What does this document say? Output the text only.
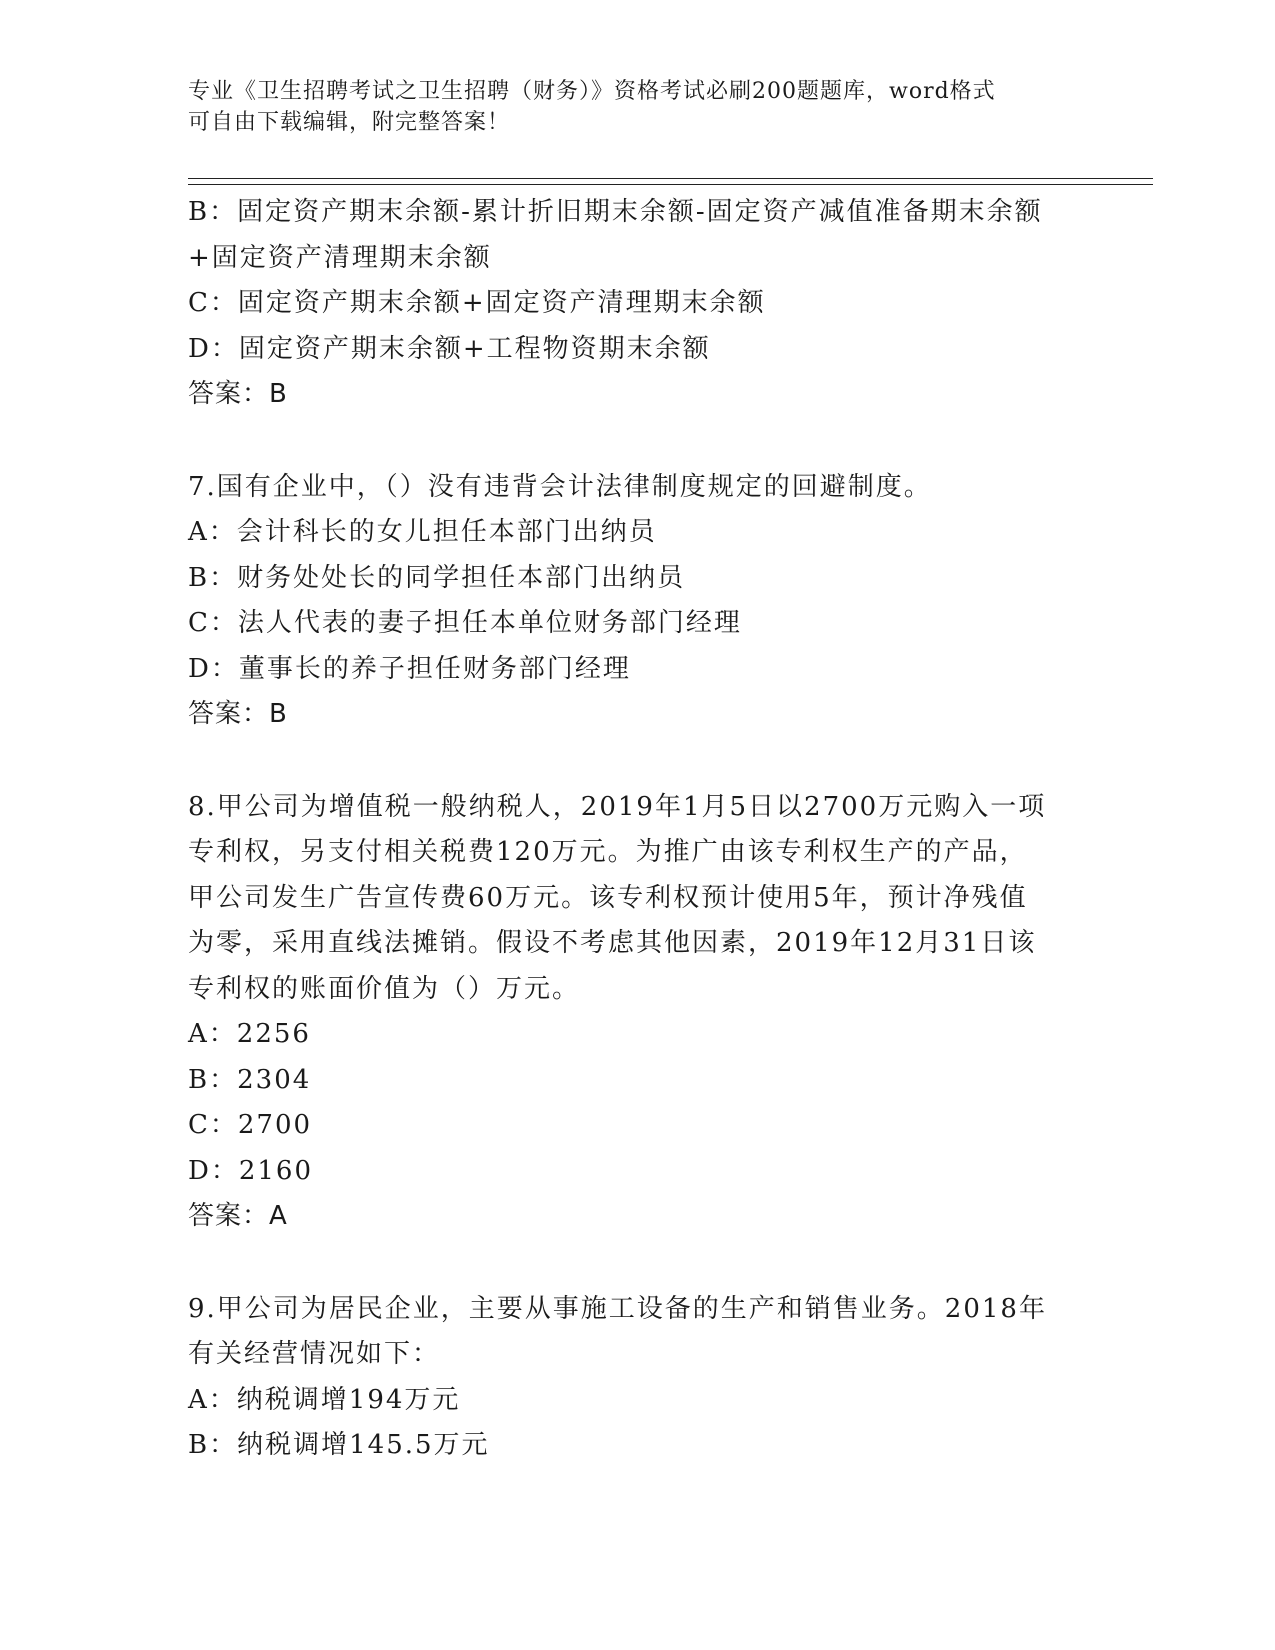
专业《卫生招聘考试之卫生招聘（财务）》资格考试必刷200题题库，word格式
可自由下载编辑，附完整答案！
B：固定资产期末余额-累计折旧期末余额-固定资产减值准备期末余额
+固定资产清理期末余额
C：固定资产期末余额+固定资产清理期末余额
D：固定资产期末余额+工程物资期末余额
答案：B
7.国有企业中，（）没有违背会计法律制度规定的回避制度。
A：会计科长的女儿担任本部门出纳员
B：财务处处长的同学担任本部门出纳员
C：法人代表的妻子担任本单位财务部门经理
D：董事长的养子担任财务部门经理
答案：B
8.甲公司为增值税一般纳税人，2019年1月5日以2700万元购入一项
专利权，另支付相关税费120万元。为推广由该专利权生产的产品，
甲公司发生广告宣传费60万元。该专利权预计使用5年，预计净残值
为零，采用直线法摊销。假设不考虑其他因素，2019年12月31日该
专利权的账面价值为（）万元。
A：2256
B：2304
C：2700
D：2160
答案：A
9.甲公司为居民企业，主要从事施工设备的生产和销售业务。2018年
有关经营情况如下：
A：纳税调增194万元
B：纳税调增145.5万元
